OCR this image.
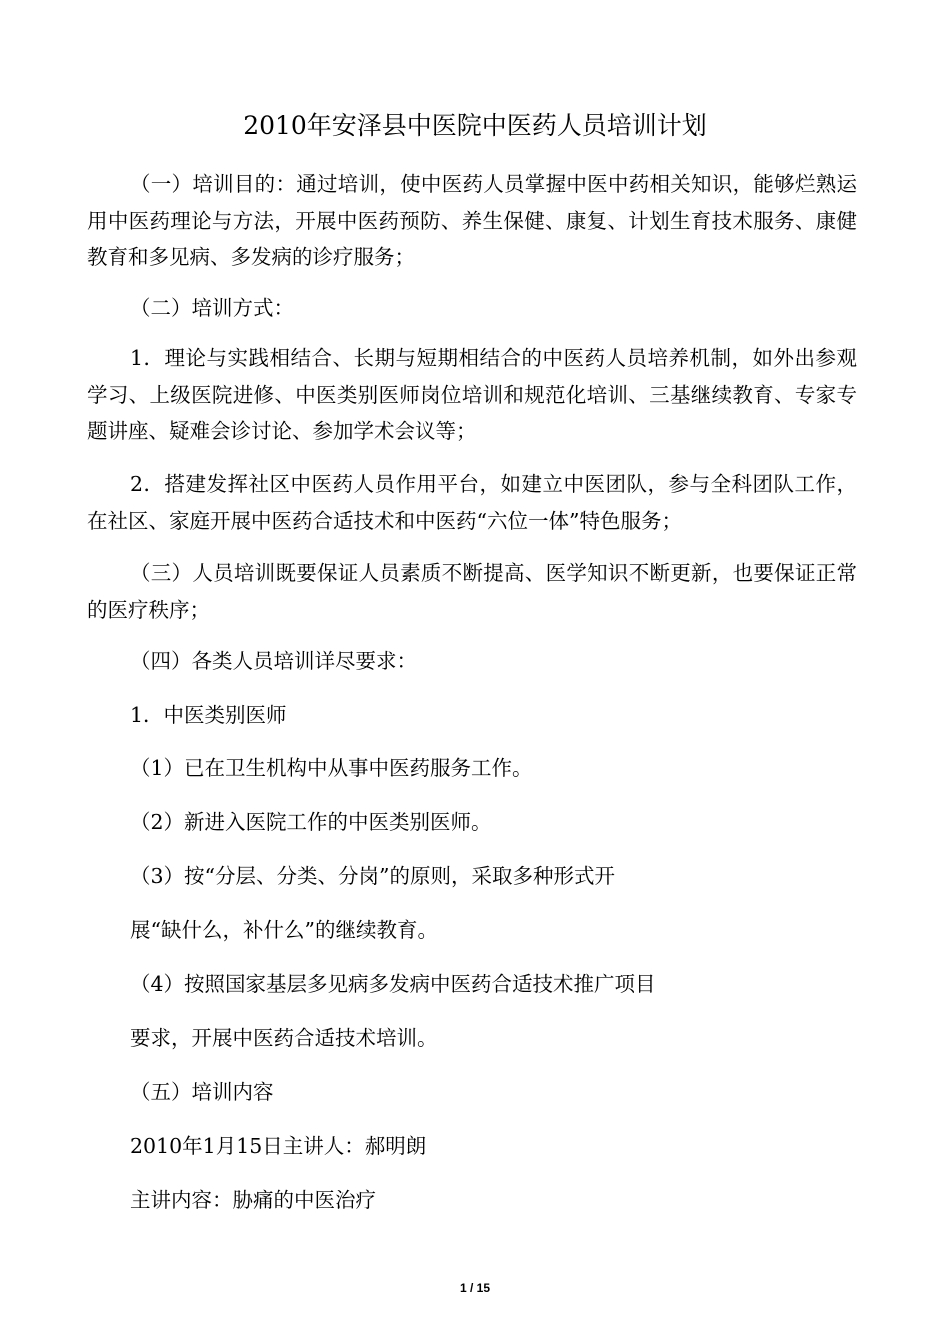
2010年安泽县中医院中医药人员培训计划

（一）培训目的：通过培训，使中医药人员掌握中医中药相关知识，能够烂熟运用中医药理论与方法，开展中医药预防、养生保健、康复、计划生育技术服务、康健教育和多见病、多发病的诊疗服务；

（二）培训方式：

1．理论与实践相结合、长期与短期相结合的中医药人员培养机制，如外出参观学习、上级医院进修、中医类别医师岗位培训和规范化培训、三基继续教育、专家专题讲座、疑难会诊讨论、参加学术会议等；

2．搭建发挥社区中医药人员作用平台，如建立中医团队，参与全科团队工作，在社区、家庭开展中医药合适技术和中医药“六位一体”特色服务；

（三）人员培训既要保证人员素质不断提高、医学知识不断更新，也要保证正常的医疗秩序；

（四）各类人员培训详尽要求：

1．中医类别医师

（1）已在卫生机构中从事中医药服务工作。

（2）新进入医院工作的中医类别医师。

（3）按“分层、分类、分岗”的原则，采取多种形式开

展“缺什么，补什么”的继续教育。

（4）按照国家基层多见病多发病中医药合适技术推广项目

要求，开展中医药合适技术培训。

（五）培训内容

2010年1月15日主讲人：郝明朗

主讲内容：胁痛的中医治疗

1 / 15
